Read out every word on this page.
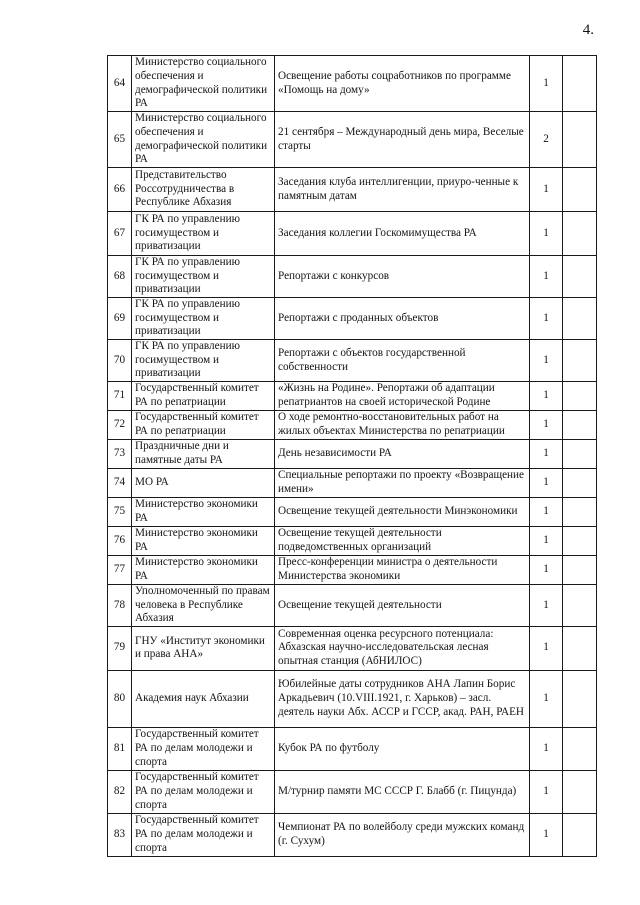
4.
64	Министерство социального обеспечения и демографической политики РА	Освещение работы соцработников по программе «Помощь на дому»	1	
65	Министерство социального обеспечения и демографической политики РА	21 сентября – Международный день мира, Веселые старты	2	
66	Представительство Россотрудничества в Республике Абхазия	Заседания клуба интеллигенции, приуро-ченные к памятным датам	1	
67	ГК РА по управлению госимуществом и приватизации	Заседания коллегии Госкомимущества РА	1	
68	ГК РА по управлению госимуществом и приватизации	Репортажи с конкурсов	1	
69	ГК РА по управлению госимуществом и приватизации	Репортажи с проданных объектов	1	
70	ГК РА по управлению госимуществом и приватизации	Репортажи с объектов государственной собственности	1	
71	Государственный комитет РА по репатриации	«Жизнь на Родине». Репортажи об адаптации репатриантов на своей исторической Родине	1	
72	Государственный комитет РА по репатриации	О ходе ремонтно-восстановительных работ на жилых объектах Министерства по репатриации	1	
73	Праздничные дни и памятные даты РА	День независимости РА	1	
74	МО РА	Специальные репортажи по проекту «Возвращение имени»	1	
75	Министерство экономики РА	Освещение текущей деятельности Минэкономики	1	
76	Министерство экономики РА	Освещение текущей деятельности подведомственных организаций	1	
77	Министерство экономики РА	Пресс-конференции министра о деятельности Министерства экономики	1	
78	Уполномоченный по правам человека в Республике Абхазия	Освещение текущей деятельности	1	
79	ГНУ «Институт экономики и права АНА»	Современная оценка ресурсного потенциала: Абхазская научно-исследовательская лесная опытная станция (АбНИЛОС)	1	
80	Академия наук Абхазии	Юбилейные даты сотрудников АНА Лапин Борис Аркадьевич (10.VIII.1921, г. Харьков) – засл. деятель науки Абх. АССР и ГССР, акад. РАН, РАЕН	1	
81	Государственный комитет РА по делам молодежи и спорта	Кубок РА по футболу	1	
82	Государственный комитет РА по делам молодежи и спорта	М/турнир памяти МС СССР Г. Блабб (г. Пицунда)	1	
83	Государственный комитет РА по делам молодежи и спорта	Чемпионат РА по волейболу среди мужских команд (г. Сухум)	1	
